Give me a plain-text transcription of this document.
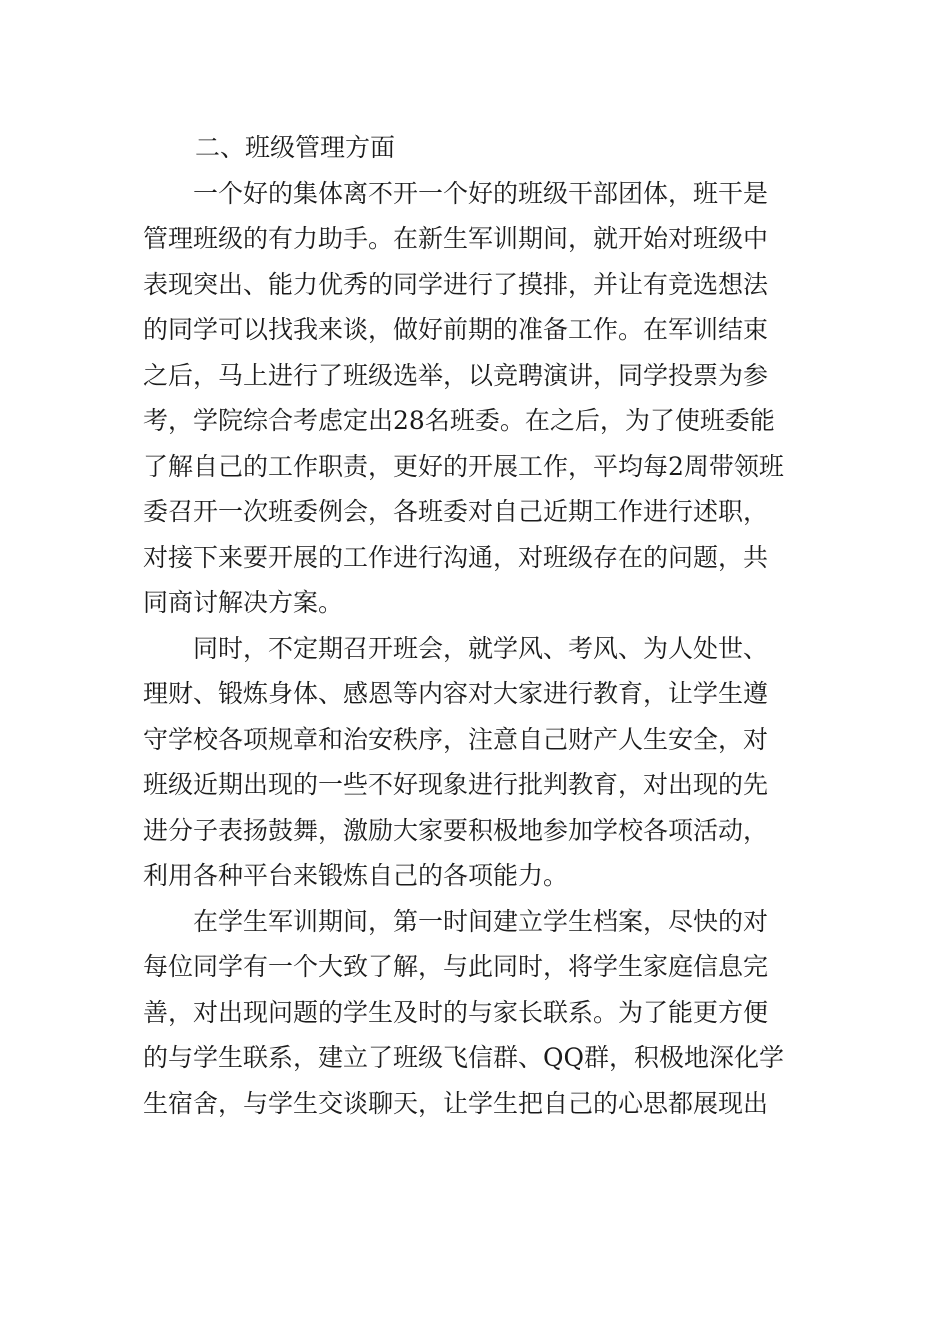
二、班级管理方面
　　一个好的集体离不开一个好的班级干部团体，班干是
管理班级的有力助手。在新生军训期间，就开始对班级中
表现突出、能力优秀的同学进行了摸排，并让有竞选想法
的同学可以找我来谈，做好前期的准备工作。在军训结束
之后，马上进行了班级选举，以竞聘演讲，同学投票为参
考，学院综合考虑定出28名班委。在之后，为了使班委能
了解自己的工作职责，更好的开展工作，平均每2周带领班
委召开一次班委例会，各班委对自己近期工作进行述职，
对接下来要开展的工作进行沟通，对班级存在的问题，共
同商讨解决方案。
　　同时，不定期召开班会，就学风、考风、为人处世、
理财、锻炼身体、感恩等内容对大家进行教育，让学生遵
守学校各项规章和治安秩序，注意自己财产人生安全，对
班级近期出现的一些不好现象进行批判教育，对出现的先
进分子表扬鼓舞，激励大家要积极地参加学校各项活动，
利用各种平台来锻炼自己的各项能力。
　　在学生军训期间，第一时间建立学生档案，尽快的对
每位同学有一个大致了解，与此同时，将学生家庭信息完
善，对出现问题的学生及时的与家长联系。为了能更方便
的与学生联系，建立了班级飞信群、QQ群，积极地深化学
生宿舍，与学生交谈聊天，让学生把自己的心思都展现出
